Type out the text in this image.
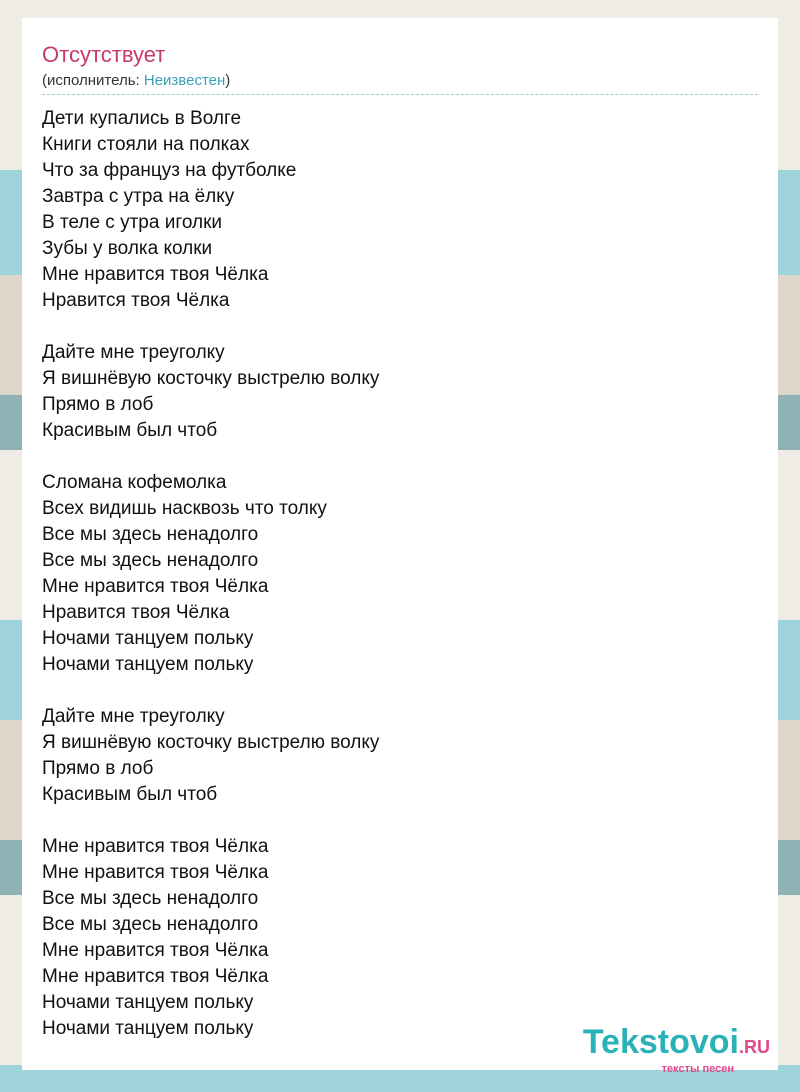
Отсутствует
(исполнитель: Неизвестен)
Дети купались в Волге
Книги стояли на полках
Что за француз на футболке
Завтра с утра на ёлку
В теле с утра иголки
Зубы у волка колки
Мне нравится твоя Чёлка
Нравится твоя Чёлка
Дайте мне треуголку
Я вишнёвую косточку выстрелю волку
Прямо в лоб
Красивым был чтоб
Сломана кофемолка
Всех видишь насквозь что толку
Все мы здесь ненадолго
Все мы здесь ненадолго
Мне нравится твоя Чёлка
Нравится твоя Чёлка
Ночами танцуем польку
Ночами танцуем польку
Дайте мне треуголку
Я вишнёвую косточку выстрелю волку
Прямо в лоб
Красивым был чтоб
Мне нравится твоя Чёлка
Мне нравится твоя Чёлка
Все мы здесь ненадолго
Все мы здесь ненадолго
Мне нравится твоя Чёлка
Мне нравится твоя Чёлка
Ночами танцуем польку
Ночами танцуем польку	Tekstovoi.RU
тексты песен
